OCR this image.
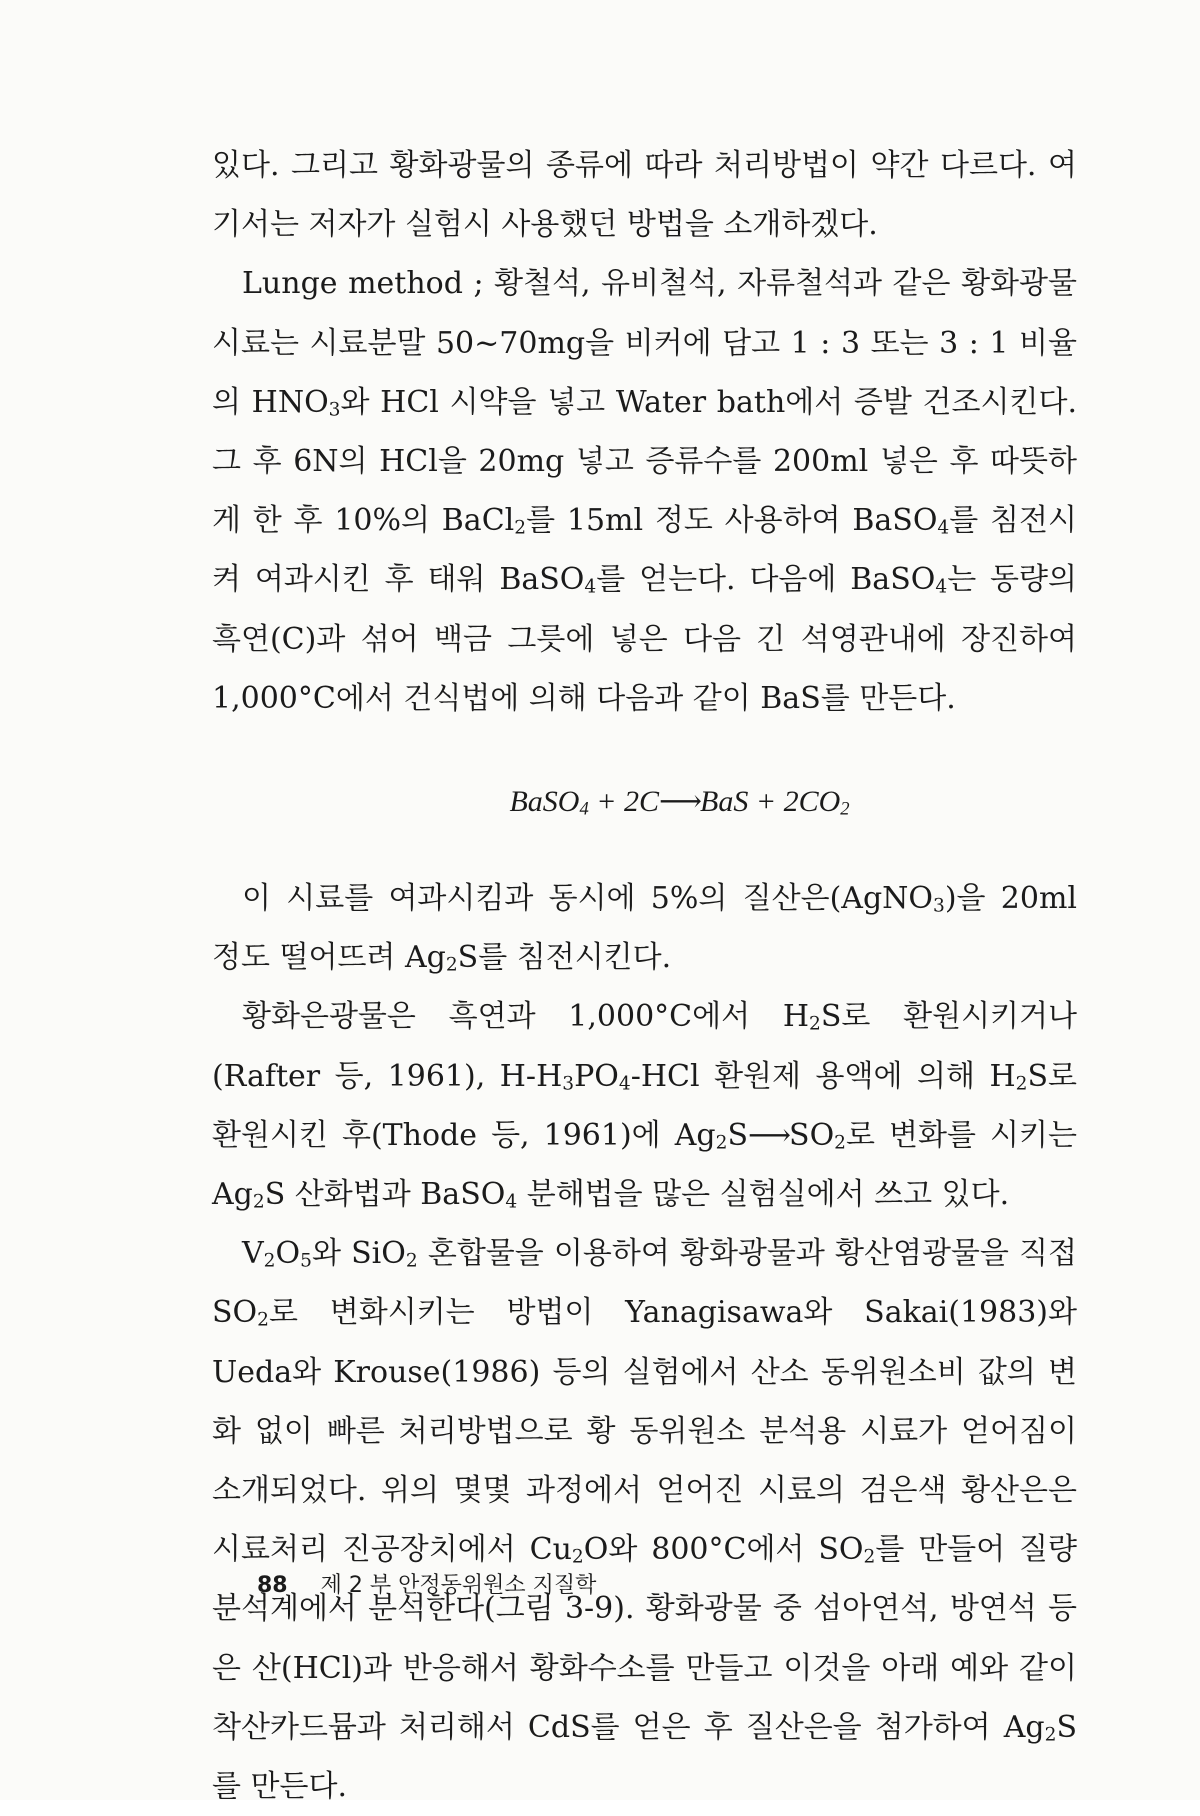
있다. 그리고 황화광물의 종류에 따라 처리방법이 약간 다르다. 여기서는 저자가 실험시 사용했던 방법을 소개하겠다.

Lunge method ; 황철석, 유비철석, 자류철석과 같은 황화광물 시료는 시료분말 50~70mg을 비커에 담고 1 : 3 또는 3 : 1 비율의 $HNO_3$와 HCl 시약을 넣고 Water bath에서 증발 건조시킨다. 그 후 6N의 HCl을 20mg 넣고 증류수를 200ml 넣은 후 따뜻하게 한 후 10%의 BaCl$_2$를 15ml 정도 사용하여 BaSO$_4$를 침전시켜 여과시킨 후 태워 BaSO$_4$를 얻는다. 다음에 BaSO$_4$는 동량의 흑연(C)과 섞어 백금 그릇에 넣은 다음 긴 석영관내에 장진하여 1,000°C에서 건식법에 의해 다음과 같이 BaS를 만든다.

BaSO$_4$ + 2C⟶BaS + $2CO_2$

이 시료를 여과시킴과 동시에 5%의 질산은(AgNO$_3$)을 20ml 정도 떨어뜨려 $Ag_2S$를 침전시킨다.

황화은광물은 흑연과 1,000°C에서 $H_2S$로 환원시키거나(Rafter 등, 1961), $H-H_3PO_4$-HCl 환원제 용액에 의해 $H_2S$로 환원시킨 후(Thode 등, 1961)에 $Ag_2S⟶SO_2$로 변화를 시키는 $Ag_2S$ 산화법과 BaSO$_4$ 분해법을 많은 실험실에서 쓰고 있다.

$V_2O_5$와 SiO$_2$ 혼합물을 이용하여 황화광물과 황산염광물을 직접 $SO_2$로 변화시키는 방법이 Yanagisawa와 Sakai(1983)와 Ueda와 Krouse(1986) 등의 실험에서 산소 동위원소비 값의 변화 없이 빠른 처리방법으로 황 동위원소 분석용 시료가 얻어짐이 소개되었다. 위의 몇몇 과정에서 얻어진 시료의 검은색 황산은은 시료처리 진공장치에서 $Cu_2O$와 800°C에서 $SO_2$를 만들어 질량분석계에서 분석한다(그림 3-9). 황화광물 중 섬아연석, 방연석 등은 산(HCl)과 반응해서 황화수소를 만들고 이것을 아래 예와 같이 착산카드뮴과 처리해서 CdS를 얻은 후 질산은을 첨가하여 $Ag_2S$를 만든다.

88 제 2 부 안정동위원소 지질학
